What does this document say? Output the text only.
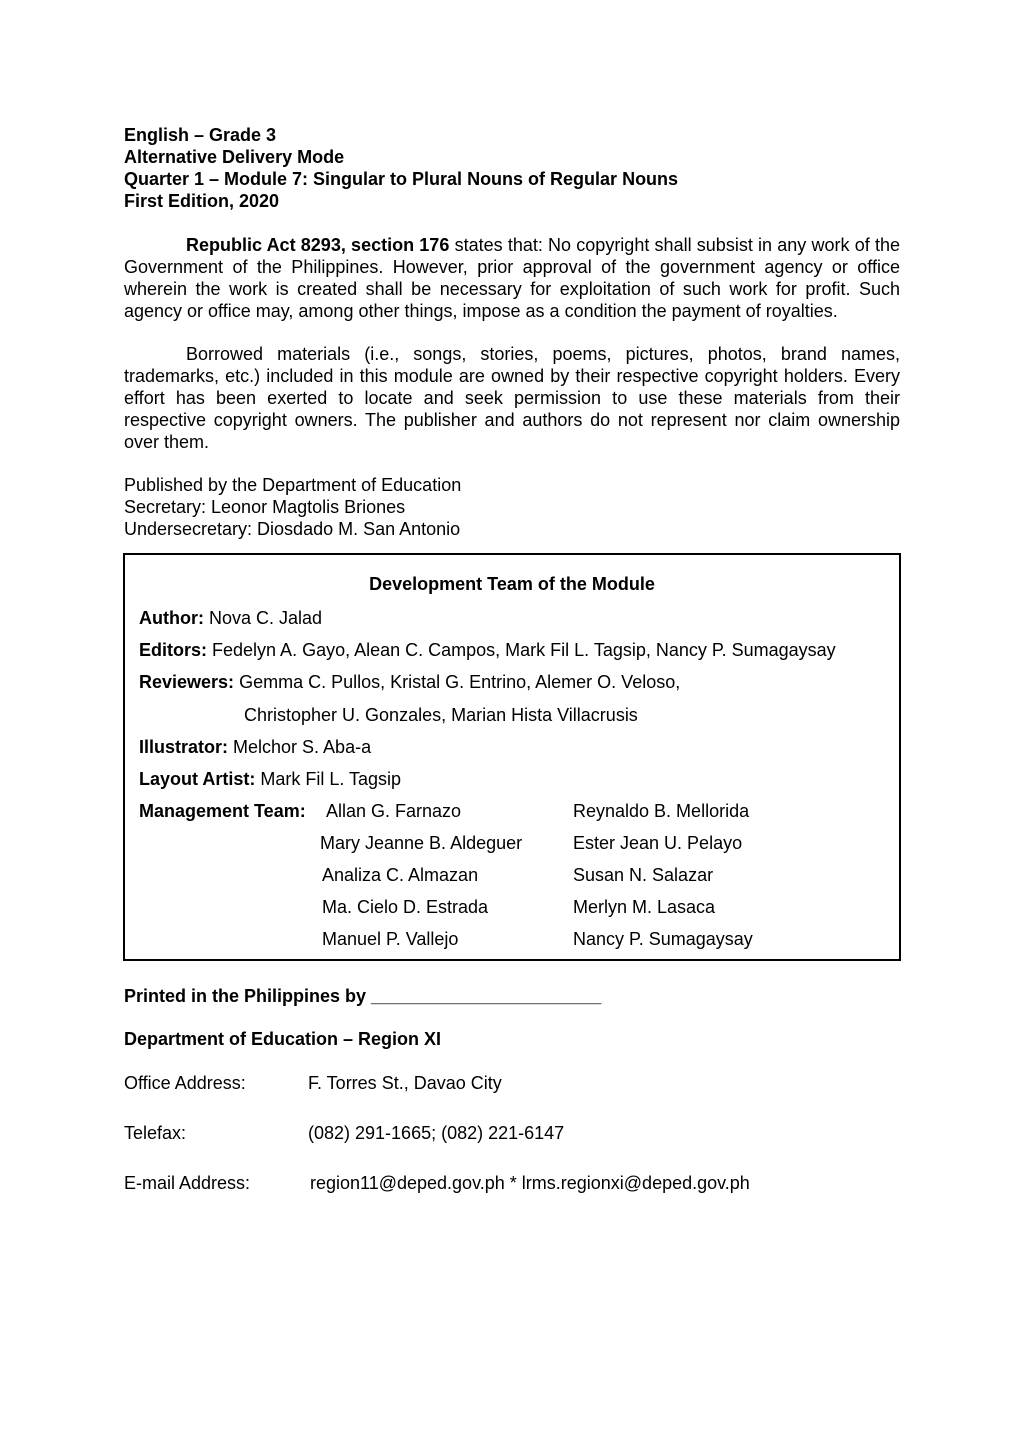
English – Grade 3

Alternative Delivery Mode

Quarter 1 – Module 7: Singular to Plural Nouns of Regular Nouns

First Edition, 2020

Republic Act 8293, section 176 states that: No copyright shall subsist in any work of the Government of the Philippines. However, prior approval of the government agency or office wherein the work is created shall be necessary for exploitation of such work for profit. Such agency or office may, among other things, impose as a condition the payment of royalties.

Borrowed materials (i.e., songs, stories, poems, pictures, photos, brand names, trademarks, etc.) included in this module are owned by their respective copyright holders. Every effort has been exerted to locate and seek permission to use these materials from their respective copyright owners. The publisher and authors do not represent nor claim ownership over them.

Published by the Department of Education

Secretary: Leonor Magtolis Briones

Undersecretary: Diosdado M. San Antonio

Development Team of the Module
Author: Nova C. Jalad
Editors: Fedelyn A. Gayo, Alean C. Campos, Mark Fil L. Tagsip, Nancy P. Sumagaysay
Reviewers: Gemma C. Pullos, Kristal G. Entrino, Alemer O. Veloso,
Christopher U. Gonzales, Marian Hista Villacrusis
Illustrator: Melchor S. Aba-a
Layout Artist: Mark Fil L. Tagsip
Management Team: Allan G. Farnazo	Reynaldo B. Mellorida
Mary Jeanne B. Aldeguer	Ester Jean U. Pelayo
Analiza C. Almazan	Susan N. Salazar
Ma. Cielo D. Estrada	Merlyn M. Lasaca
Manuel P. Vallejo	Nancy P. Sumagaysay
Printed in the Philippines by _______________________
Department of Education – Region XI
Office Address:	F. Torres St., Davao City
Telefax:	(082) 291-1665; (082) 221-6147
E-mail Address:	region11@deped.gov.ph * lrms.regionxi@deped.gov.ph
